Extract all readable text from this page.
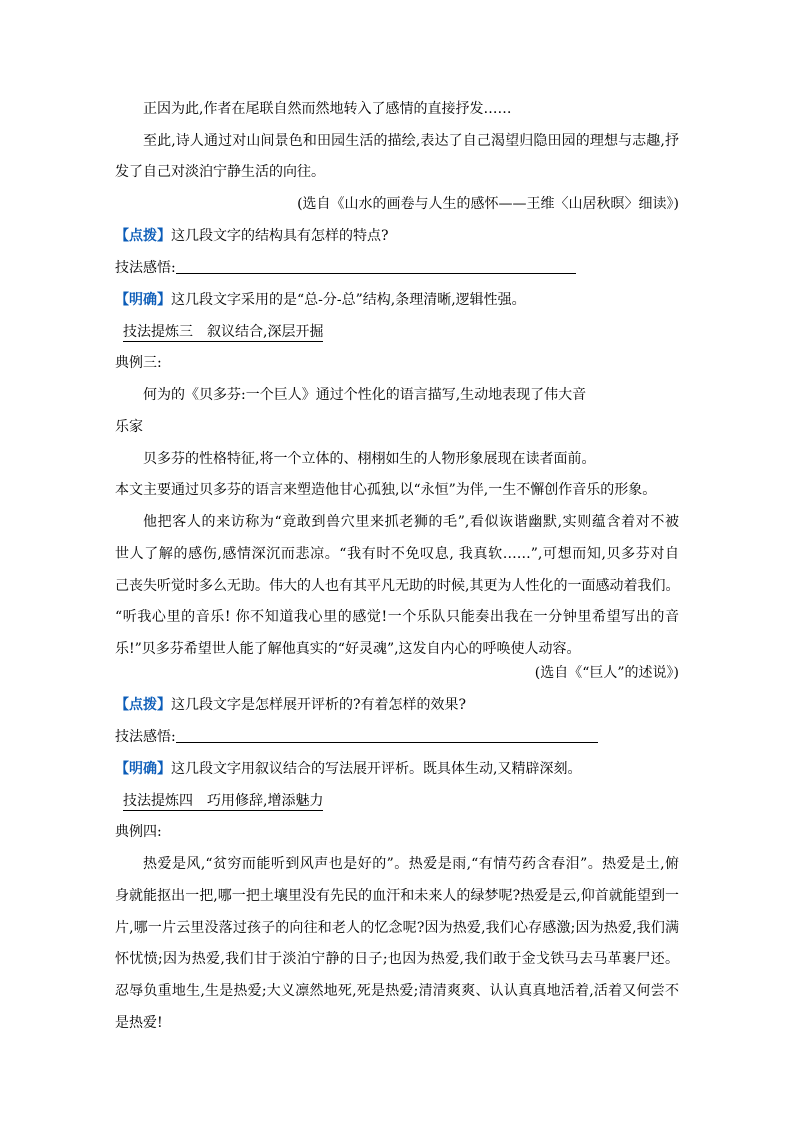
正因为此,作者在尾联自然而然地转入了感情的直接抒发……
至此,诗人通过对山间景色和田园生活的描绘,表达了自己渴望归隐田园的理想与志趣,抒
发了自己对淡泊宁静生活的向往。
(选自《山水的画卷与人生的感怀——王维〈山居秋暝〉细读》)
【点拨】这几段文字的结构具有怎样的特点?
技法感悟:
【明确】这几段文字采用的是“总-分-总”结构,条理清晰,逻辑性强。
技法提炼三　叙议结合,深层开掘
典例三:
何为的《贝多芬:一个巨人》通过个性化的语言描写,生动地表现了伟大音
乐家
贝多芬的性格特征,将一个立体的、栩栩如生的人物形象展现在读者面前。
本文主要通过贝多芬的语言来塑造他甘心孤独,以“永恒”为伴,一生不懈创作音乐的形象。
他把客人的来访称为“竟敢到兽穴里来抓老狮的毛”,看似诙谐幽默,实则蕴含着对不被
世人了解的感伤,感情深沉而悲凉。“我有时不免叹息, 我真软……”,可想而知,贝多芬对自
己丧失听觉时多么无助。伟大的人也有其平凡无助的时候,其更为人性化的一面感动着我们。
“听我心里的音乐! 你不知道我心里的感觉!一个乐队只能奏出我在一分钟里希望写出的音
乐!”贝多芬希望世人能了解他真实的“好灵魂”,这发自内心的呼唤使人动容。
(选自《“巨人”的述说》)
【点拨】这几段文字是怎样展开评析的?有着怎样的效果?
技法感悟:
【明确】这几段文字用叙议结合的写法展开评析。既具体生动,又精辟深刻。
技法提炼四　巧用修辞,增添魅力
典例四:
热爱是风,“贫穷而能听到风声也是好的”。热爱是雨,“有情芍药含春泪”。热爱是土,俯
身就能抠出一把,哪一把土壤里没有先民的血汗和未来人的绿梦呢?热爱是云,仰首就能望到一
片,哪一片云里没落过孩子的向往和老人的忆念呢?因为热爱,我们心存感激;因为热爱,我们满
怀忧愤;因为热爱,我们甘于淡泊宁静的日子;也因为热爱,我们敢于金戈铁马去马革裹尸还。
忍辱负重地生,生是热爱;大义凛然地死,死是热爱;清清爽爽、认认真真地活着,活着又何尝不
是热爱!
